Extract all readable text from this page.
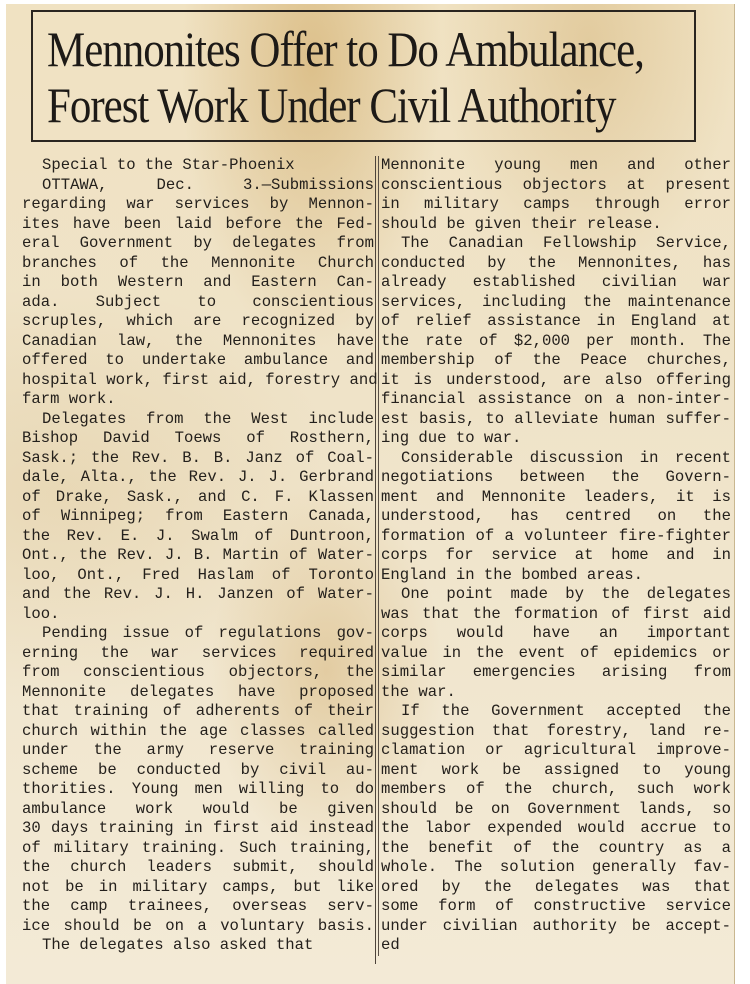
Mennonites Offer to Do Ambulance,
Forest Work Under Civil Authority
Special to the Star-Phoenix
OTTAWA, Dec. 3.—Submissions
regarding war services by Mennon-
ites have been laid before the Fed-
eral Government by delegates from
branches of the Mennonite Church
in both Western and Eastern Can-
ada. Subject to conscientious
scruples, which are recognized by
Canadian law, the Mennonites have
offered to undertake ambulance and
hospital work, first aid, forestry and
farm work.
Delegates from the West include
Bishop David Toews of Rosthern,
Sask.; the Rev. B. B. Janz of Coal-
dale, Alta., the Rev. J. J. Gerbrand
of Drake, Sask., and C. F. Klassen
of Winnipeg; from Eastern Canada,
the Rev. E. J. Swalm of Duntroon,
Ont., the Rev. J. B. Martin of Water-
loo, Ont., Fred Haslam of Toronto
and the Rev. J. H. Janzen of Water-
loo.
Pending issue of regulations gov-
erning the war services required
from conscientious objectors, the
Mennonite delegates have proposed
that training of adherents of their
church within the age classes called
under the army reserve training
scheme be conducted by civil au-
thorities. Young men willing to do
ambulance work would be given
30 days training in first aid instead
of military training. Such training,
the church leaders submit, should
not be in military camps, but like
the camp trainees, overseas serv-
ice should be on a voluntary basis.
The delegates also asked that
Mennonite young men and other
conscientious objectors at present
in military camps through error
should be given their release.
The Canadian Fellowship Service,
conducted by the Mennonites, has
already established civilian war
services, including the maintenance
of relief assistance in England at
the rate of $2,000 per month. The
membership of the Peace churches,
it is understood, are also offering
financial assistance on a non-inter-
est basis, to alleviate human suffer-
ing due to war.
Considerable discussion in recent
negotiations between the Govern-
ment and Mennonite leaders, it is
understood, has centred on the
formation of a volunteer fire-fighter
corps for service at home and in
England in the bombed areas.
One point made by the delegates
was that the formation of first aid
corps would have an important
value in the event of epidemics or
similar emergencies arising from
the war.
If the Government accepted the
suggestion that forestry, land re-
clamation or agricultural improve-
ment work be assigned to young
members of the church, such work
should be on Government lands, so
the labor expended would accrue to
the benefit of the country as a
whole. The solution generally fav-
ored by the delegates was that
some form of constructive service
under civilian authority be accept-
ed
